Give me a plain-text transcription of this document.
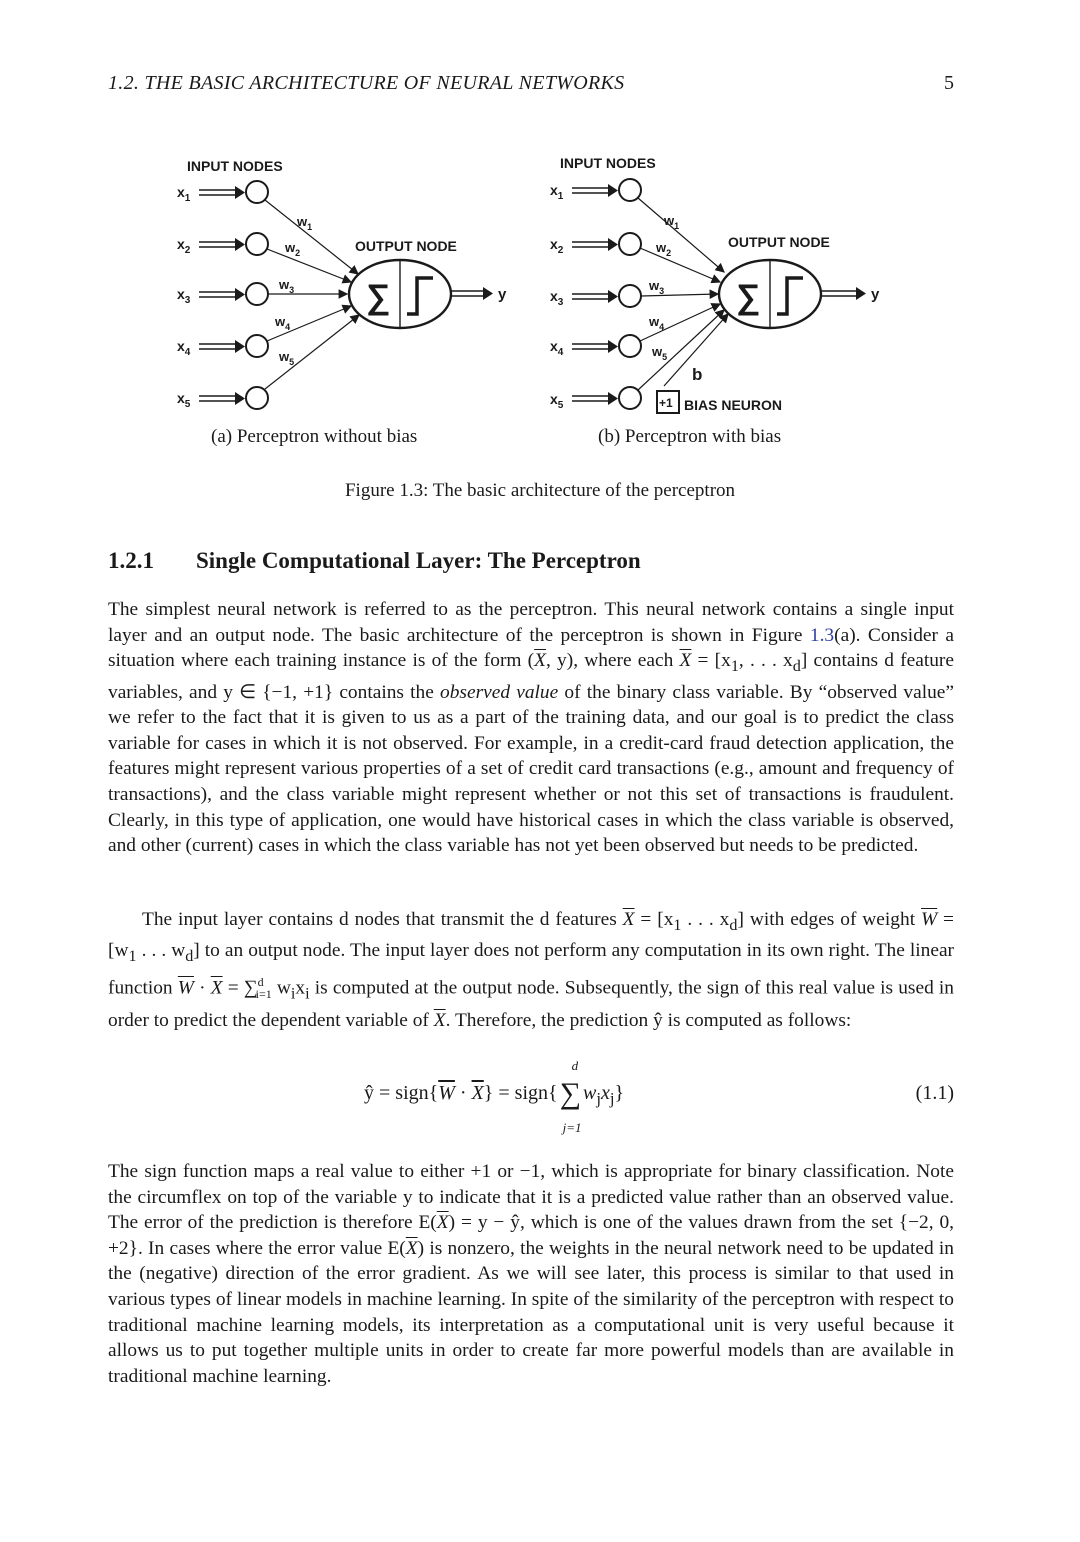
1.2. THE BASIC ARCHITECTURE OF NEURAL NETWORKS	5
INPUT NODES
OUTPUT NODE
$x_1$
$x_2$
$x_3$
$x_4$
$x_5$
$w_1$
$w_2$
$w_3$
$w_4$
$w_5$
∑	y
INPUT NODES
OUTPUT NODE
$x_1$
$x_2$
$x_3$
$x_4$
$x_5$
$w_1$
$w_2$
$w_3$
$w_4$
$w_5$
b
+1 BIAS NEURON
∑	y
(a) Perceptron without bias	(b) Perceptron with bias
Figure 1.3: The basic architecture of the perceptron
1.2.1 Single Computational Layer: The Perceptron

The simplest neural network is referred to as the perceptron. This neural network contains a single input layer and an output node. The basic architecture of the perceptron is shown in Figure 1.3(a). Consider a situation where each training instance is of the form ($\overline{X}$, y), where each $\overline{X} = [x_1$, . . . $x_d$] contains d feature variables, and y ∈ {−1, +1} contains the observed value of the binary class variable. By “observed value” we refer to the fact that it is given to us as a part of the training data, and our goal is to predict the class variable for cases in which it is not observed. For example, in a credit-card fraud detection application, the features might represent various properties of a set of credit card transactions (e.g., amount and frequency of transactions), and the class variable might represent whether or not this set of transactions is fraudulent. Clearly, in this type of application, one would have historical cases in which the class variable is observed, and other (current) cases in which the class variable has not yet been observed but needs to be predicted.

The input layer contains d nodes that transmit the d features $\overline{X} = [x_1$ . . . $x_d$] with edges of weight $\overline{W} = [w_1$ . . . $w_d$] to an output node. The input layer does not perform any computation in its own right. The linear function $\overline{W} \cdot \overline{X} = \sum^d_{i=1}$ $w_ix_i$ is computed at the output node. Subsequently, the sign of this real value is used in order to predict the dependent variable of $\overline{X}$. Therefore, the prediction ŷ is computed as follows:

ŷ = $sign\{\overline{W} \cdot \overline{X}\}$ = sign{
d
∑
j=1
$w_jx_j$}	(1.1)

The sign function maps a real value to either +1 or −1, which is appropriate for binary classification. Note the circumflex on top of the variable y to indicate that it is a predicted value rather than an observed value. The error of the prediction is therefore $E(\overline{X}) = y$ − ŷ, which is one of the values drawn from the set {−2, 0, +2}. In cases where the error value $E(\overline{X})$ is nonzero, the weights in the neural network need to be updated in the (negative) direction of the error gradient. As we will see later, this process is similar to that used in various types of linear models in machine learning. In spite of the similarity of the perceptron with respect to traditional machine learning models, its interpretation as a computational unit is very useful because it allows us to put together multiple units in order to create far more powerful models than are available in traditional machine learning.
